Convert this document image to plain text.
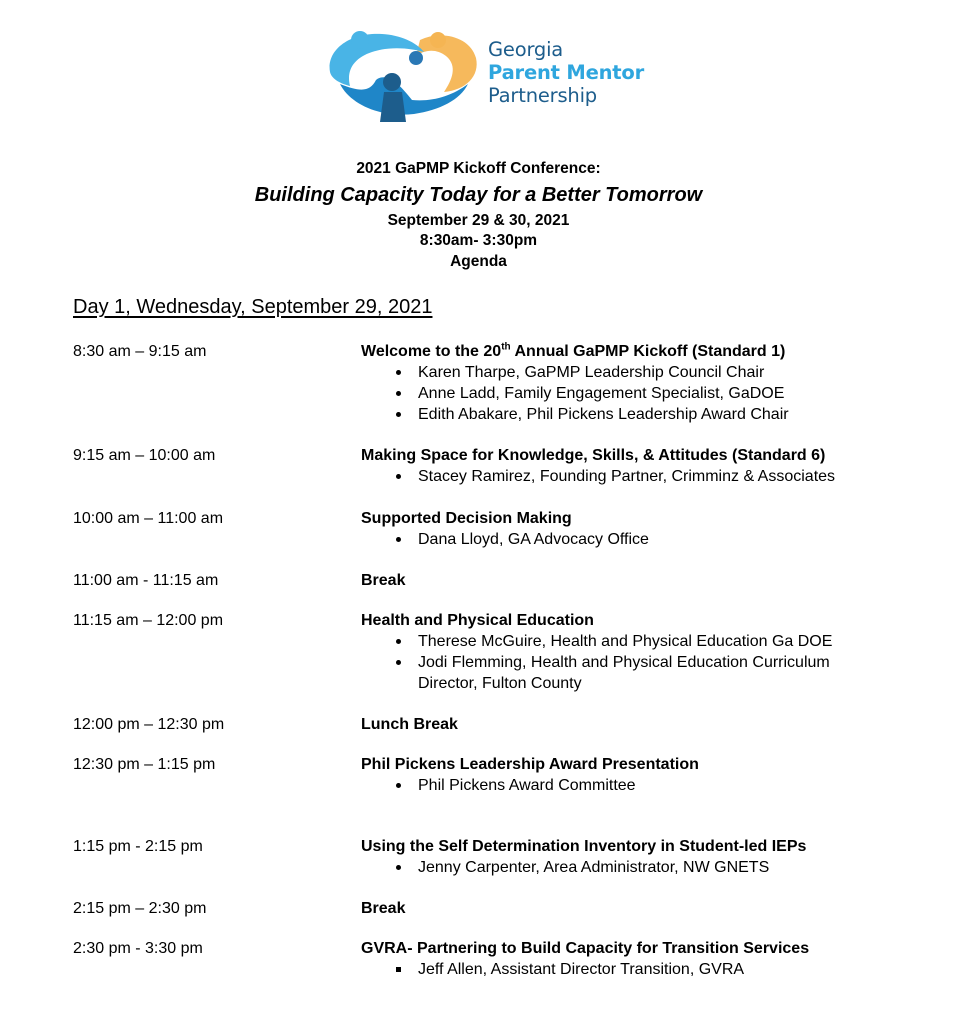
Georgia
Parent Mentor
Partnership
2021 GaPMP Kickoff Conference:
Building Capacity Today for a Better Tomorrow
September 29 & 30, 2021
8:30am- 3:30pm
Agenda
Day 1, Wednesday, September 29, 2021
8:30 am – 9:15 am	Welcome to the 20th Annual GaPMP Kickoff (Standard 1)
Karen Tharpe, GaPMP Leadership Council Chair
Anne Ladd, Family Engagement Specialist, GaDOE
Edith Abakare, Phil Pickens Leadership Award Chair
9:15 am – 10:00 am	Making Space for Knowledge, Skills, & Attitudes (Standard 6)
Stacey Ramirez, Founding Partner, Crimminz & Associates
10:00 am – 11:00 am	Supported Decision Making
Dana Lloyd, GA Advocacy Office
11:00 am - 11:15 am	Break
11:15 am – 12:00 pm	Health and Physical Education
Therese McGuire, Health and Physical Education Ga DOE
Jodi Flemming, Health and Physical Education Curriculum Director, Fulton County
12:00 pm – 12:30 pm	Lunch Break
12:30 pm – 1:15 pm	Phil Pickens Leadership Award Presentation
Phil Pickens Award Committee
1:15 pm - 2:15 pm	Using the Self Determination Inventory in Student-led IEPs
Jenny Carpenter, Area Administrator, NW GNETS
2:15 pm – 2:30 pm	Break
2:30 pm - 3:30 pm	GVRA- Partnering to Build Capacity for Transition Services
Jeff Allen, Assistant Director Transition, GVRA
